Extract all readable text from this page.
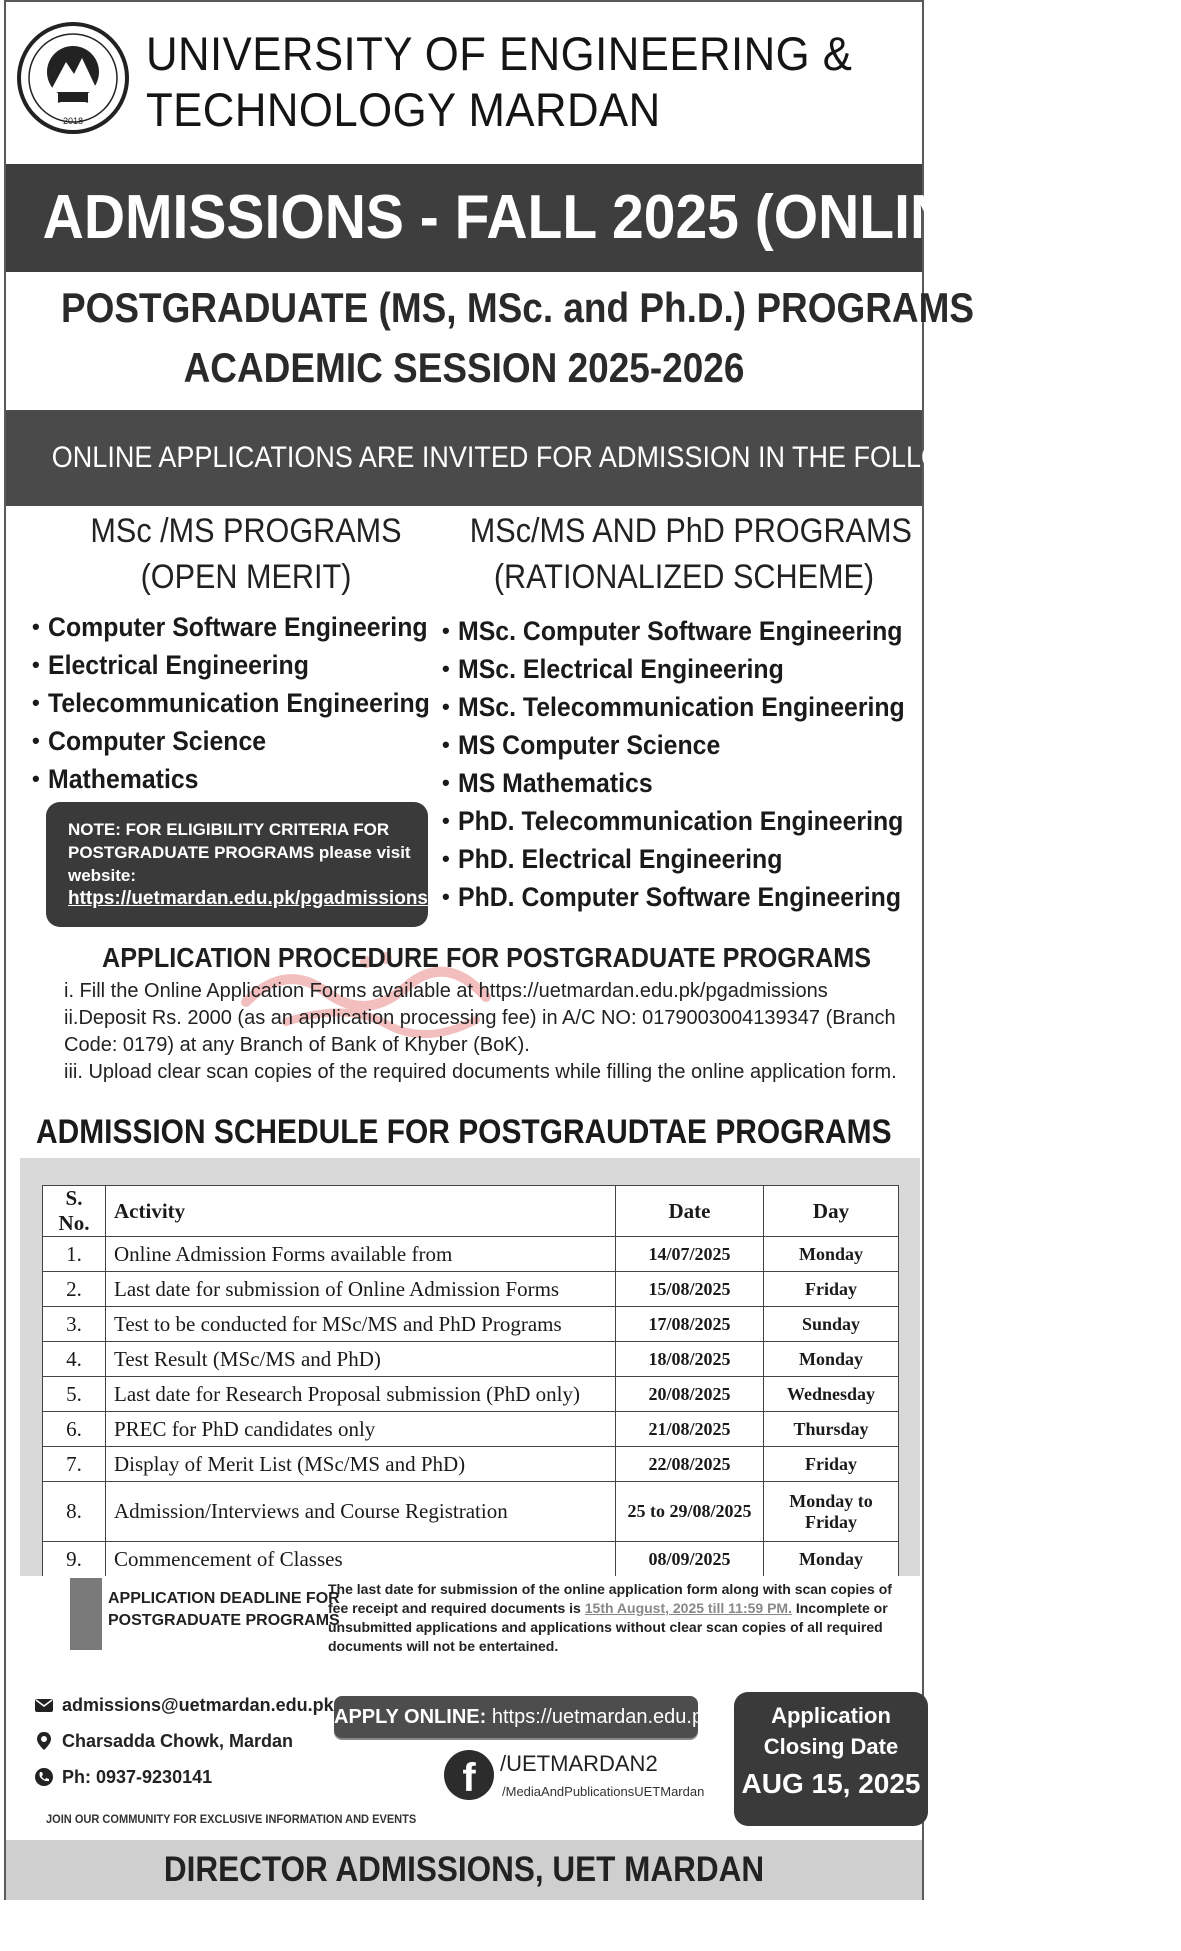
2018
UNIVERSITY OF ENGINEERING &
TECHNOLOGY MARDAN
ADMISSIONS - FALL 2025 (ONLINE)
POSTGRADUATE (MS, MSc. and Ph.D.) PROGRAMS
ACADEMIC SESSION 2025-2026
ONLINE APPLICATIONS ARE INVITED FOR ADMISSION IN THE FOLLOWING PROGRAMS
MSc /MS PROGRAMS
(OPEN MERIT)
MSc/MS AND PhD PROGRAMS
(RATIONALIZED SCHEME)
• Computer Software Engineering
• Electrical Engineering
• Telecommunication Engineering
• Computer Science
• Mathematics
• MSc. Computer Software Engineering
• MSc. Electrical Engineering
• MSc. Telecommunication Engineering
• MS Computer Science
• MS Mathematics
• PhD. Telecommunication Engineering
• PhD. Electrical Engineering
• PhD. Computer Software Engineering
NOTE: FOR ELIGIBILITY CRITERIA FOR
POSTGRADUATE PROGRAMS please visit
website:
https://uetmardan.edu.pk/pgadmissions
APPLICATION PROCEDURE FOR POSTGRADUATE PROGRAMS
i. Fill the Online Application Forms available at https://uetmardan.edu.pk/pgadmissions
ii.Deposit Rs. 2000 (as an application processing fee) in A/C NO: 0179003004139347 (Branch
Code: 0179) at any Branch of Bank of Khyber (BoK).
iii. Upload clear scan copies of the required documents while filling the online application form.
ADMISSION SCHEDULE FOR POSTGRAUDTAE PROGRAMS
S. No.	Activity	Date	Day
1.	Online Admission Forms available from	14/07/2025	Monday
2.	Last date for submission of Online Admission Forms	15/08/2025	Friday
3.	Test to be conducted for MSc/MS and PhD Programs	17/08/2025	Sunday
4.	Test Result (MSc/MS and PhD)	18/08/2025	Monday
5.	Last date for Research Proposal submission (PhD only)	20/08/2025	Wednesday
6.	PREC for PhD candidates only	21/08/2025	Thursday
7.	Display of Merit List (MSc/MS and PhD)	22/08/2025	Friday
8.	Admission/Interviews and Course Registration	25 to 29/08/2025	Monday to
Friday

9.	Commencement of Classes	08/09/2025	Monday
APPLICATION DEADLINE FOR
POSTGRADUATE PROGRAMS
The last date for submission of the online application form along with scan copies of fee receipt and required documents is 15th August, 2025 till 11:59 PM. Incomplete or unsubmitted applications and applications without clear scan copies of all required documents will not be entertained.
admissions@uetmardan.edu.pk
Charsadda Chowk, Mardan
Ph: 0937-9230141
JOIN OUR COMMUNITY FOR EXCLUSIVE INFORMATION AND EVENTS
APPLY ONLINE: https://uetmardan.edu.pk
f	/UETMARDAN2
/MediaAndPublicationsUETMardan
Application
Closing Date
AUG 15, 2025
DIRECTOR ADMISSIONS, UET MARDAN
